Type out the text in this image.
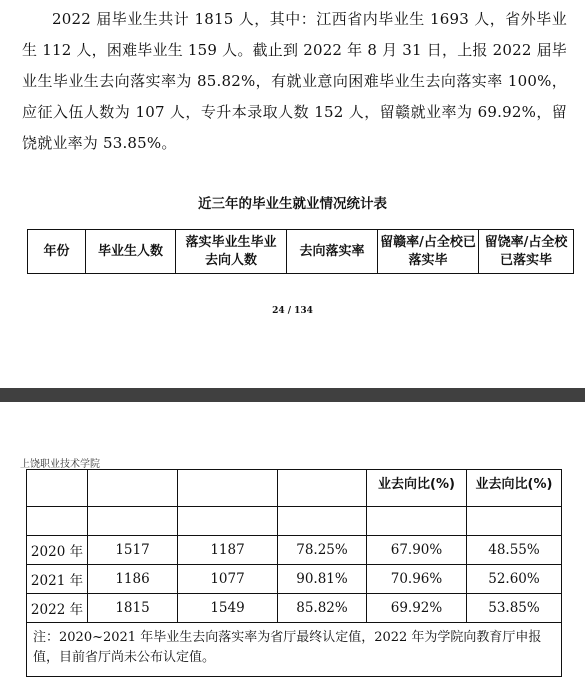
2022 届毕业生共计 1815 人，其中：江西省内毕业生 1693 人，省外毕业生 112 人，困难毕业生 159 人。截止到 2022 年 8 月 31 日，上报 2022 届毕业生毕业生去向落实率为 85.82%，有就业意向困难毕业生去向落实率 100%，应征入伍人数为 107 人，专升本录取人数 152 人，留赣就业率为 69.92%，留饶就业率为 53.85%。

近三年的毕业生就业情况统计表
年份	毕业生人数	落实毕业生毕业去向人数	去向落实率	留赣率/占全校已落实毕	留饶率/占全校已落实毕
24 / 134
上饶职业技术学院
				业去向比(%)	业去向比(%)

2020 年	1517	1187	78.25%	67.90%	48.55%
2021 年	1186	1077	90.81%	70.96%	52.60%
2022 年	1815	1549	85.82%	69.92%	53.85%
注：2020~2021 年毕业生去向落实率为省厅最终认定值，2022 年为学院向教育厅申报值，目前省厅尚未公布认定值。					
